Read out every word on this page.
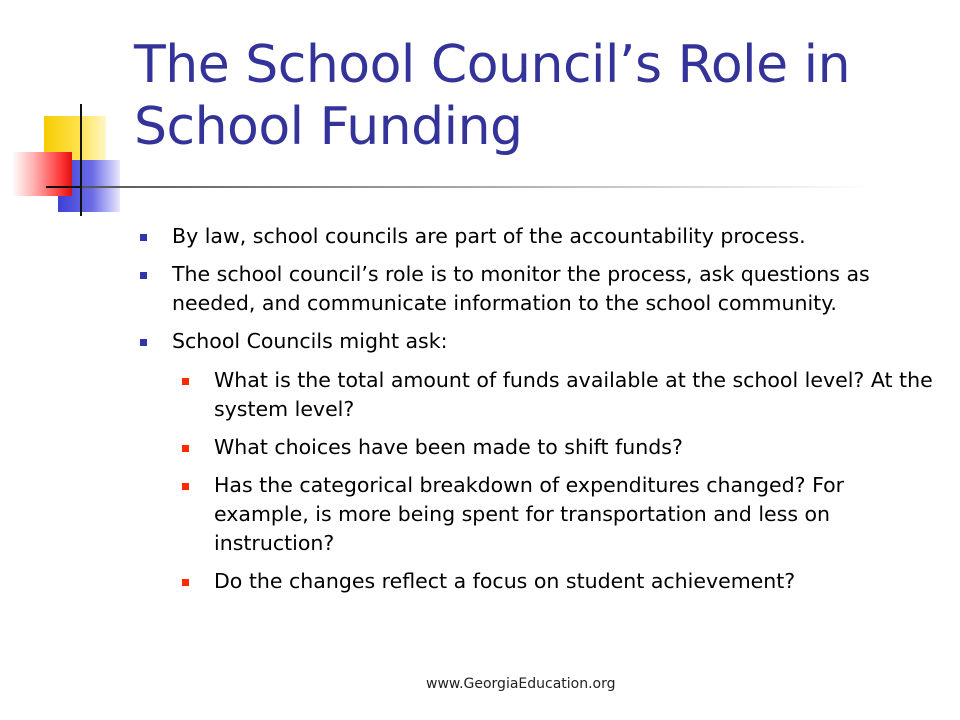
The School Council’s Role in
School Funding
By law, school councils are part of the accountability process.
The school council’s role is to monitor the process, ask questions as needed, and communicate information to the school community.
School Councils might ask:
What is the total amount of funds available at the school level? At the system level?
What choices have been made to shift funds?
Has the categorical breakdown of expenditures changed? For example, is more being spent for transportation and less on instruction?
Do the changes reflect a focus on student achievement?
www.GeorgiaEducation.org
